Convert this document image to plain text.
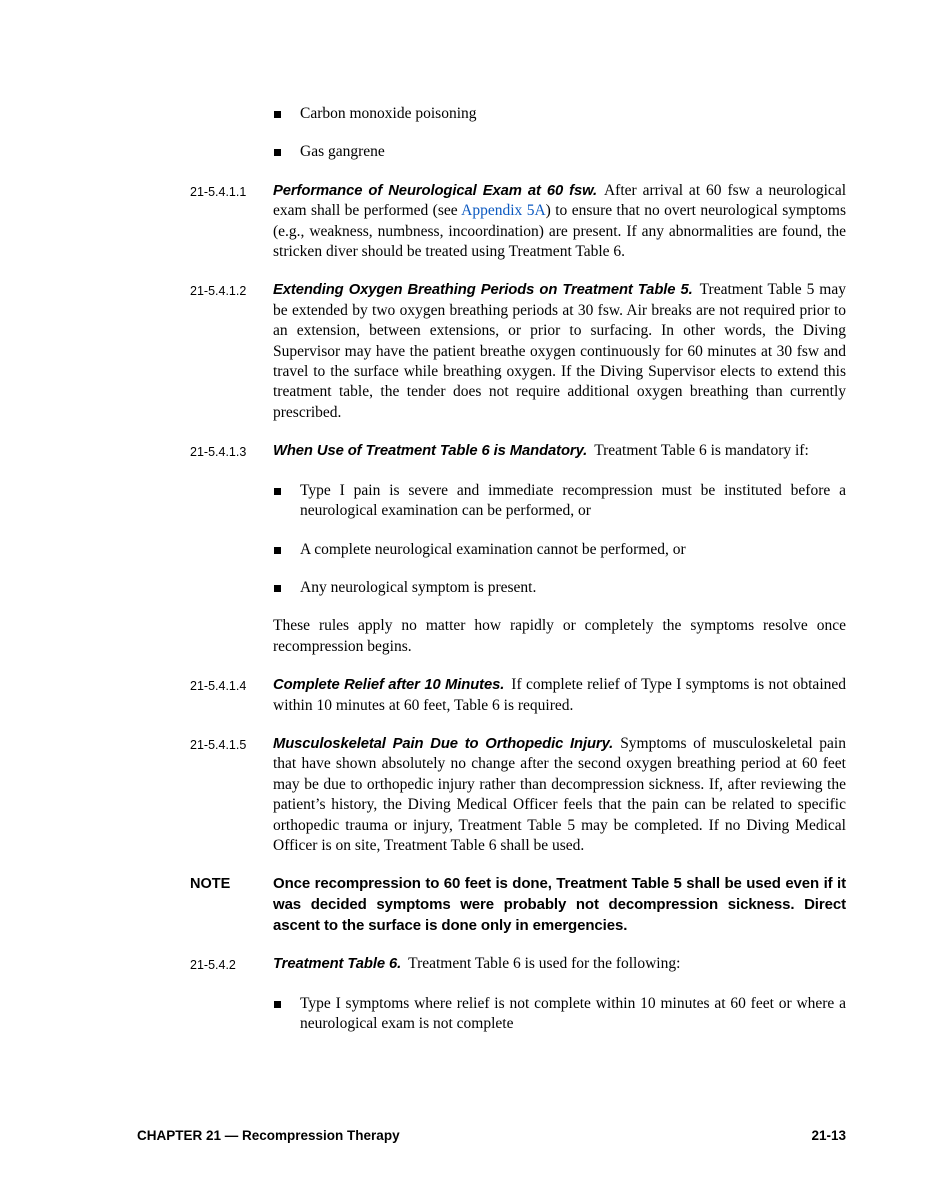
Carbon monoxide poisoning
Gas gangrene
21-5.4.1.1	Performance of Neurological Exam at 60 fsw. After arrival at 60 fsw a neurological exam shall be performed (see Appendix 5A) to ensure that no overt neurological symptoms (e.g., weakness, numbness, incoordination) are present. If any abnormalities are found, the stricken diver should be treated using Treatment Table 6.

21-5.4.1.2	Extending Oxygen Breathing Periods on Treatment Table 5. Treatment Table 5 may be extended by two oxygen breathing periods at 30 fsw. Air breaks are not required prior to an extension, between extensions, or prior to surfacing. In other words, the Diving Supervisor may have the patient breathe oxygen continuously for 60 minutes at 30 fsw and travel to the surface while breathing oxygen. If the Diving Supervisor elects to extend this treatment table, the tender does not require additional oxygen breathing than currently prescribed.

21-5.4.1.3	When Use of Treatment Table 6 is Mandatory. Treatment Table 6 is mandatory if:

Type I pain is severe and immediate recompression must be instituted before a neurological examination can be performed, or
A complete neurological examination cannot be performed, or
Any neurological symptom is present.

These rules apply no matter how rapidly or completely the symptoms resolve once recompression begins.

21-5.4.1.4	Complete Relief after 10 Minutes. If complete relief of Type I symptoms is not obtained within 10 minutes at 60 feet, Table 6 is required.

21-5.4.1.5	Musculoskeletal Pain Due to Orthopedic Injury. Symptoms of musculoskeletal pain that have shown absolutely no change after the second oxygen breathing period at 60 feet may be due to orthopedic injury rather than decompression sickness. If, after reviewing the patient’s history, the Diving Medical Officer feels that the pain can be related to specific orthopedic trauma or injury, Treatment Table 5 may be completed. If no Diving Medical Officer is on site, Treatment Table 6 shall be used.

NOTE	Once recompression to 60 feet is done, Treatment Table 5 shall be used even if it was decided symptoms were probably not decompression sickness. Direct ascent to the surface is done only in emergencies.

21-5.4.2	Treatment Table 6. Treatment Table 6 is used for the following:

Type I symptoms where relief is not complete within 10 minutes at 60 feet or where a neurological exam is not complete
CHAPTER 21 — Recompression Therapy	21-13
